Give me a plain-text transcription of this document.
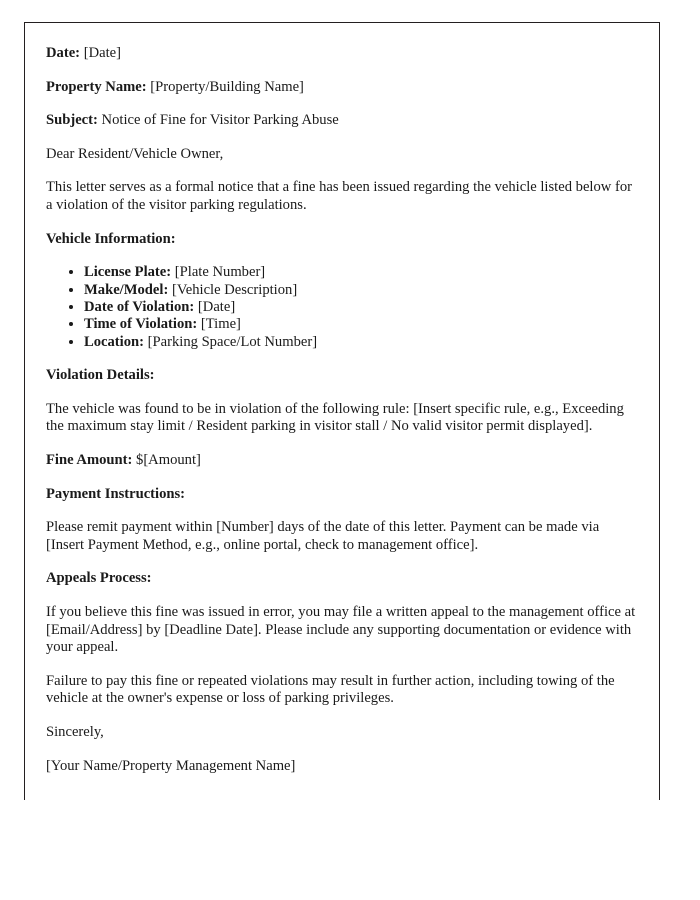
Date: [Date]

Property Name: [Property/Building Name]

Subject: Notice of Fine for Visitor Parking Abuse

Dear Resident/Vehicle Owner,

This letter serves as a formal notice that a fine has been issued regarding the vehicle listed below for a violation of the visitor parking regulations.

Vehicle Information:
• License Plate: [Plate Number]
• Make/Model: [Vehicle Description]
• Date of Violation: [Date]
• Time of Violation: [Time]
• Location: [Parking Space/Lot Number]
Violation Details:

The vehicle was found to be in violation of the following rule: [Insert specific rule, e.g., Exceeding the maximum stay limit / Resident parking in visitor stall / No valid visitor permit displayed].

Fine Amount: $[Amount]

Payment Instructions:

Please remit payment within [Number] days of the date of this letter. Payment can be made via [Insert Payment Method, e.g., online portal, check to management office].

Appeals Process:

If you believe this fine was issued in error, you may file a written appeal to the management office at [Email/Address] by [Deadline Date]. Please include any supporting documentation or evidence with your appeal.

Failure to pay this fine or repeated violations may result in further action, including towing of the vehicle at the owner's expense or loss of parking privileges.

Sincerely,

[Your Name/Property Management Name]
